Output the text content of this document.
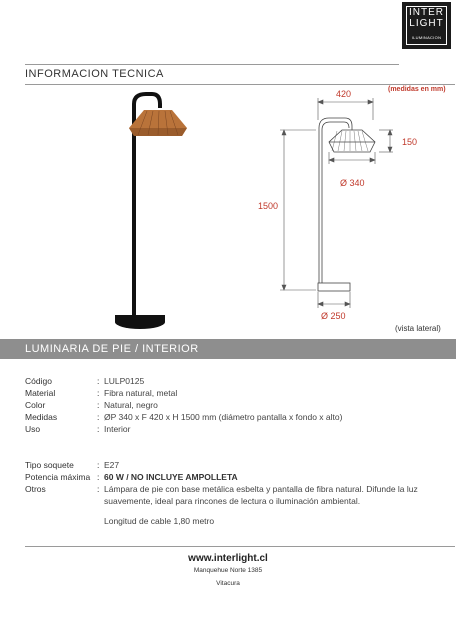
INTER
LIGHT
ILUMINACION
INFORMACION TECNICA
(medidas en mm)
420
150
Ø 340
1500
Ø 250
(vista lateral)
LUMINARIA DE PIE / INTERIOR
Código	: LULP0125
Material	: Fibra natural, metal
Color	: Natural, negro
Medidas	: ØP 340 x F 420 x H 1500 mm (diámetro pantalla x fondo x alto)
Uso	: Interior
Tipo soquete	: E27
Potencia máxima : 60 W / NO INCLUYE AMPOLLETA
Otros	: Lámpara de pie con base metálica esbelta y pantalla de fibra natural. Difunde la luz suavemente, ideal para rincones de lectura o iluminación ambiental.
Longitud de cable 1,80 metro
www.interlight.cl
Manquehue Norte 1385
Vitacura
